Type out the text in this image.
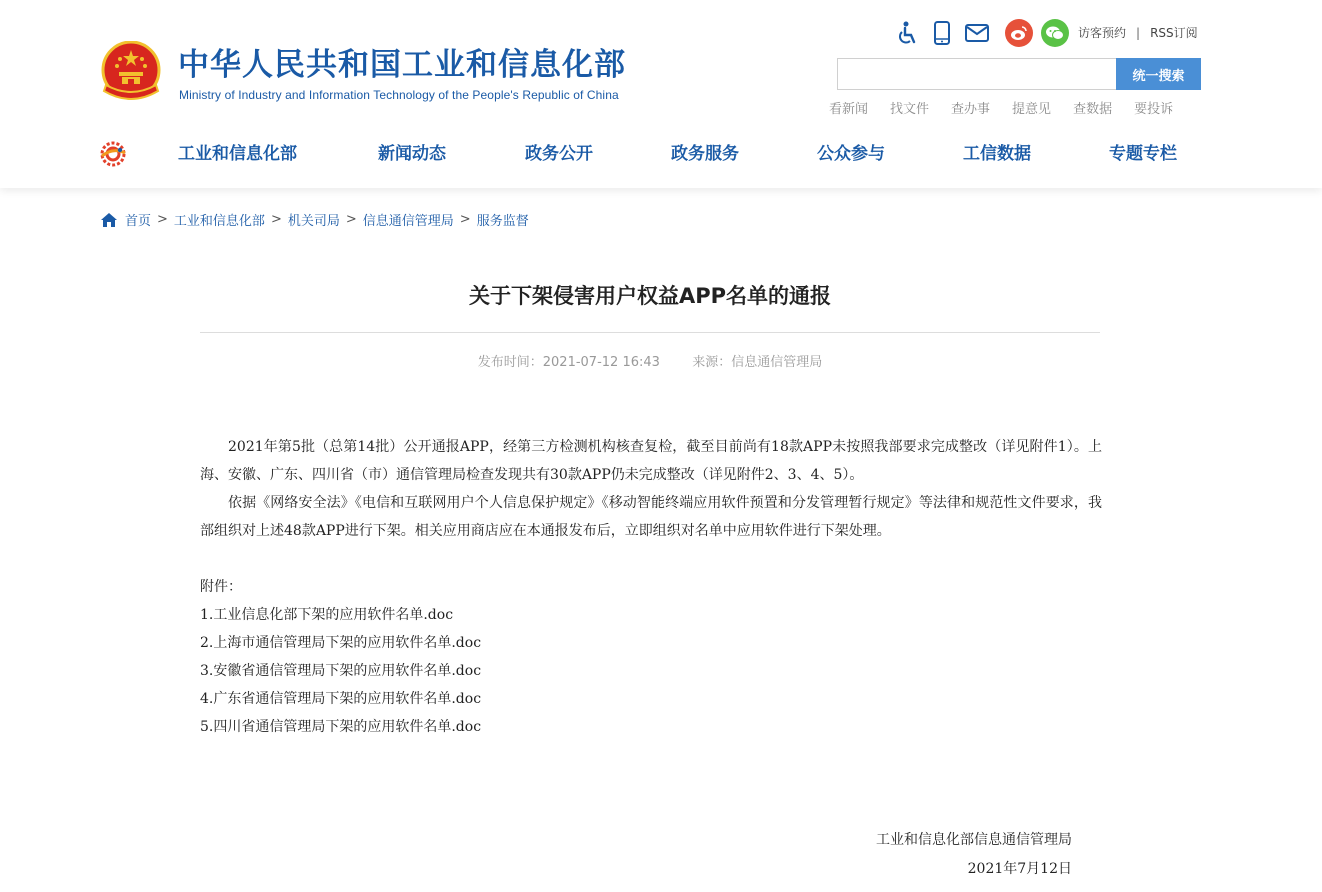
中华人民共和国工业和信息化部
Ministry of Industry and Information Technology of the People's Republic of China
访客预约 | RSS订阅
统一搜索
看新闻 找文件 查办事 提意见 查数据 要投诉
工业和信息化部	新闻动态	政务公开	政务服务	公众参与	工信数据	专题专栏
首页 > 工业和信息化部 > 机关司局 > 信息通信管理局 > 服务监督
关于下架侵害用户权益APP名单的通报
发布时间：2021-07-12 16:43 来源：信息通信管理局

2021年第5批（总第14批）公开通报APP，经第三方检测机构核查复检，截至目前尚有18款APP未按照我部要求完成整改（详见附件1）。上海、安徽、广东、四川省（市）通信管理局检查发现共有30款APP仍未完成整改（详见附件2、3、4、5）。

依据《网络安全法》《电信和互联网用户个人信息保护规定》《移动智能终端应用软件预置和分发管理暂行规定》等法律和规范性文件要求，我部组织对上述48款APP进行下架。相关应用商店应在本通报发布后，立即组织对名单中应用软件进行下架处理。

附件：
1.工业信息化部下架的应用软件名单.doc
2.上海市通信管理局下架的应用软件名单.doc
3.安徽省通信管理局下架的应用软件名单.doc
4.广东省通信管理局下架的应用软件名单.doc
5.四川省通信管理局下架的应用软件名单.doc
工业和信息化部信息通信管理局
2021年7月12日
